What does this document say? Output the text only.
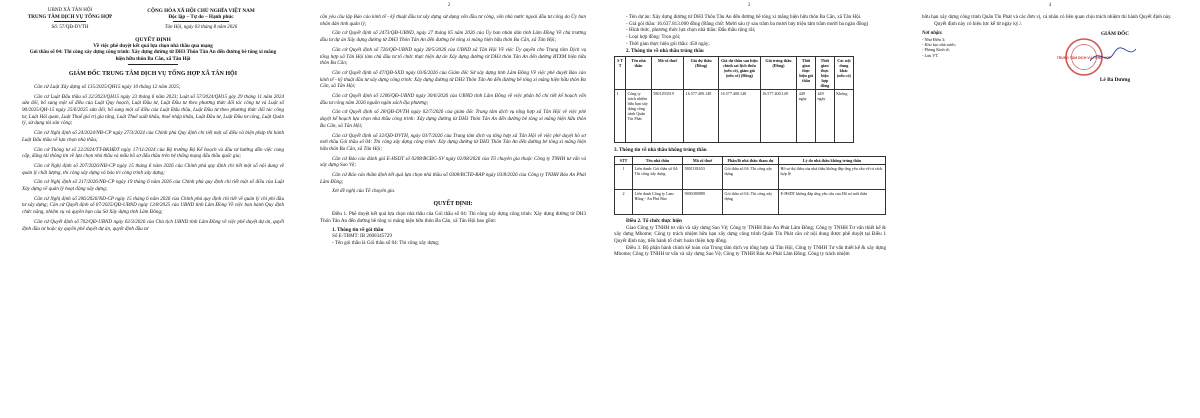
UBND XÃ TÂN HỘI
TRUNG TÂM DỊCH VỤ TỔNG HỢP
Số: 57/QĐ-DVTH
CỘNG HÒA XÃ HỘI CHỦ NGHĨA VIỆT NAM
Độc lập – Tự do – Hạnh phúc
Tân Hội, ngày 03 tháng 8 năm 2026
QUYẾT ĐỊNH
Về việc phê duyệt kết quả lựa chọn nhà thầu qua mạng
Gói thầu số 04: Thi công xây dựng công trình: Xây dựng đường từ DH3 Thôn Tân An đến đường bê tông xi măng hiện hữu thôn Ba Căn, xã Tân Hội
GIÁM ĐỐC TRUNG TÂM DỊCH VỤ TỔNG HỢP XÃ TÂN HỘI

Căn cứ Luật Xây dựng số 135/2025/QH15 ngày 10 tháng 12 năm 2025;

Căn cứ Luật Đấu thầu số 22/2023/QH15 ngày 23 tháng 6 năm 2023; Luật số 57/2024/QH15 gày 29 tháng 11 năm 2024 sửa đổi, bổ sung một số điều của Luật Quy hoạch, Luật Đầu tư, Luật Đầu tư theo phương thức đối tác công tư và Luật số 90/2025/QH-15 ngày 25/6/2025 sửa đổi, bổ sung một số điều của Luật Đấu thầu, Luật Đầu tư theo phương thức đối tác công tư, Luật Hải quan, Luật Thuế giá trị gia tăng, Luật Thuế xuất khẩu, thuế nhập khẩu, Luật Đầu tư, Luật Đầu tư công, Luật Quản lý, sử dụng tài sản công;

Căn cứ Nghị định số 24/2024/NĐ-CP ngày 27/3/2024 của Chính phủ Quy định chi tiết một số điều và biện pháp thi hành Luật Đấu thầu về lựa chọn nhà thầu;

Căn cứ Thông tư số 22/2024/TT-BKHĐT ngày 17/11/2024 của Bộ trưởng Bộ Kế hoạch và đầu tư hướng dẫn việc cung cấp, đăng tải thông tin về lựa chọn nhà thầu và mẫu hồ sơ đấu thầu trên hệ thống mạng đấu thầu quốc gia;

Căn cứ Nghị định số 207/2026/NĐ-CP ngày 15 tháng 6 năm 2026 của Chính phủ quy định chi tiết một số nội dung về quản lý chất lượng, thi công xây dựng và bảo trì công trình xây dựng;

Căn cứ Nghị định số 217/2026/NĐ-CP ngày 19 tháng 6 năm 2026 của Chính phủ quy định chi tiết một số điều của Luật Xây dựng về quản lý hoạt động xây dựng;

Căn cứ Nghị định số 206/2026/NĐ-CP ngày 15 tháng 6 năm 2026 của Chính phủ quy định chi tiết về quản lý chi phí đầu tư xây dựng; Căn cứ Quyết định số 07/2025/QĐ-UBND ngày 13/8/2025 của UBND tỉnh Lâm Đồng Về việc ban hành Quy định chức năng, nhiệm vụ và quyền hạn của Sở Xây dựng tỉnh Lâm Đồng;

Căn cứ Quyết định số 702/QĐ-UBND ngày 02/3/2026 của Chủ tịch UBND tỉnh Lâm Đồng về việc phê duyệt dự án, quyết định đầu tư hoặc ủy quyền phê duyệt dự án, quyết định đầu tư

2

cần yêu cầu lập Báo cáo kinh tế - kỹ thuật đầu tư xây dựng sử dụng vốn đầu tư công, vốn nhà nước ngoài đầu tư công do Ủy ban nhân dân tỉnh quản lý;

Căn cứ Quyết định số 2473/QĐ-UBND, ngày 27 tháng 05 năm 2026 của Ủy ban nhân dân tỉnh Lâm Đồng Về chủ trương đầu tư dự án Xây dựng đường từ DH3 Thôn Tân An đến đường bê tông xi măng hiện hữu thôn Ba Căn, xã Tân Hội;

Căn cứ Quyết định số 726/QĐ-UBND ngày 28/5/2026 của UBND xã Tân Hội Về việc Ủy quyền cho Trung tâm Dịch vụ tổng hợp xã Tân Hội làm chủ đầu tư tổ chức thực hiện dự án Xây dựng đường từ DH3 thôn Tân An đến đường BTXM hiện hữu thôn Ba Căn;

Căn cứ Quyết định số 47/QĐ-SXD ngày 03/6/2026 của Giám đốc Sở xây dựng tỉnh Lâm Đồng Về việc phê duyệt Báo cáo kinh tế - kỹ thuật đầu tư xây dựng công trình: Xây dựng đường từ DH3 Thôn Tân An đến đường bê tông xi măng hiện hữu thôn Ba Căn, xã Tân Hội;

Căn cứ Quyết định số 1206/QĐ-UBND ngày 30/6/2026 của UBND tỉnh Lâm Đồng về việc phân bổ chi tiết kế hoạch vốn đầu tư công năm 2026 nguồn ngân sách địa phương;

Căn cứ Quyết định số 28/QĐ-DVTH ngày 02/7/2026 của giám đốc Trung tâm dịch vụ tổng hợp xã Tân Hội về việc phê duyệt kế hoạch lựa chọn nhà thầu công trình: Xây dựng đường từ DH3 Thôn Tân An đến đường bê tông xi măng hiện hữu thôn Ba Căn, xã Tân Hội;

Căn cứ Quyết định số 32/QĐ-DVTH, ngày 03/7/2026 của Trung tâm dịch vụ tổng hợp xã Tân Hội về việc phê duyệt hồ sơ mời thầu Gói thầu số 04: Thi công xây dựng công trình: Xây dựng đường từ DH3 Thôn Tân An đến đường bê tông xi măng hiện hữu thôn Ba Căn, xã Tân Hội;

Căn cứ Báo cáo đánh giá E-HSDT số 0208/BCĐG-SV ngày 02/08/2026 của Tổ chuyên gia thuộc Công ty TNHH tư vấn và xây dựng Sao Vệ;

Căn cứ Báo cáo thẩm định kết quả lựa chọn nhà thầu số 0308/BCTĐ-BAP ngày 03/8/2026 của Công ty TNHH Bảo An Phát Lâm Đồng;

Xét đề nghị của Tổ chuyên gia.

QUYẾT ĐỊNH:

Điều 1. Phê duyệt kết quả lựa chọn nhà thầu của Gói thầu số 04: Thi công xây dựng công trình: Xây dựng đường từ DH3 Thôn Tân An đến đường bê tông xi măng hiện hữu thôn Ba Căn, xã Tân Hội bao gồm:

1. Thông tin về gói thầu

Số E-TBMT: IB 2600345729

- Tên gói thầu là Gói thầu số 04: Thi công xây dựng;

3

- Tên dự án: Xây dựng đường từ DH3 Thôn Tân An đến đường bê tông xi măng hiện hữu thôn Ba Căn, xã Tân Hội.

- Giá gói thầu: 16.637.813.000 đồng (Bằng chữ: Mười sáu tỷ sáu trăm ba mươi bảy triệu tám trăm mười ba ngàn đồng)

- Hình thức, phương thức lựa chọn nhà thầu: Đấu thầu rộng rãi;

- Loại hợp đồng: Trọn gói;

- Thời gian thực hiện gói thầu: 450 ngày;

2. Thông tin về nhà thầu trúng thầu

S T T	Tên nhà thầu	Mã số thuế	Giá dự thầu (Đồng)	Giá dự thầu sau hiệu chỉnh sai lệch thừa (nếu có), giảm giá (nếu có) (Đồng)	Giá trúng thầu (Đồng)	Thời gian thực hiện gói thầu	Thời gian thực hiện hợp đồng	Các nội dung khác (nếu có)
1	Công ty trách nhiệm hữu hạn xây dựng công trình Quân Tín Phát	5801293519	16.577.400.148	16.577.400.148	16.577.400.148	449 ngày	449 ngày	Không

3. Thông tin về nhà thầu không trúng thầu

STT	Tên nhà thầu	Mã số thuế	Phần/lô nhà thầu tham dự	Lý do nhà thầu không trúng thầu
1	Liên danh: Gói thầu số 04: Thi công xây dựng	5801181653	Gói thầu số 04: Thi công xây dựng	Hồ sơ dự thầu của nhà thầu không đáp ứng yêu cầu về tư cách hợp lệ
2	Liên danh Công ty Lam Hồng - An Phú Bảo	5800380889	Gói thầu số 04: Thi công xây dựng	E-HSDT không đáp ứng yêu cầu của Hồ sơ mời thầu

Điều 2. Tổ chức thực hiện

Giao Công ty TNHH tư vấn và xây dựng Sao Vệ; Công ty TNHH Bảo An Phát Lâm Đồng; Công ty TNHH Tư vấn thiết kế & xây dựng Mhome; Công ty trách nhiệm hữu hạn xây dựng công trình Quân Tín Phát căn cứ nội dung được phê duyệt tại Điều 1 Quyết định này, tiến hành tổ chức hoàn thiện hợp đồng.

Điều 3. Bộ phận hành chính kế toán của Trung tâm dịch vụ tổng hợp xã Tân Hội, Công ty TNHH Tư vấn thiết kế & xây dựng Mhome; Công ty TNHH tư vấn và xây dựng Sao Vệ; Công ty TNHH Bảo An Phát Lâm Đồng; Công ty trách nhiệm

4

hữu hạn xây dựng công trình Quân Tín Phát và các đơn vị, cá nhân có liên quan chịu trách nhiệm thi hành Quyết định này.

Quyết định này có hiệu lực kể từ ngày ký./.

Nơi nhận:
- Như Điều 3;
- Kho bạc nhà nước;
- Phòng Kinh tế;
- Lưu VT.
GIÁM ĐỐC
TRUNG TÂM DỊCH VỤ TỔNG HỢP
Lê Bá Dương
